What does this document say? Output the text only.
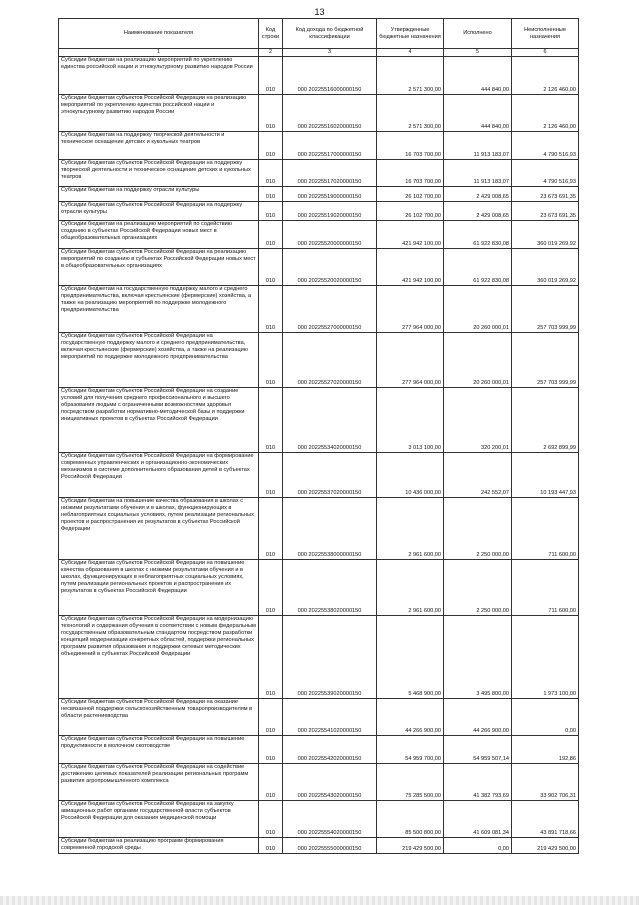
13
Наименование показателя	Код строки	Код дохода по бюджетной классификации	Утвержденные бюджетные назначения	Исполнено	Неисполненные назначения
1	2	3	4	5	6
Субсидии бюджетам на реализацию мероприятий по укреплению единства российской нации и этнокультурному развитию народов России	010	000 20225516000000150	2 571 300,00	444 840,00	2 126 460,00
Субсидии бюджетам субъектов Российской Федерации на реализацию мероприятий по укреплению единства российской нации и этнокультурному развитию народов России	010	000 20225516020000150	2 571 300,00	444 840,00	2 126 460,00
Субсидии бюджетам на поддержку творческой деятельности и техническое оснащение детских и кукольных театров	010	000 20225517000000150	16 703 700,00	11 913 183,07	4 790 516,93
Субсидии бюджетам субъектов Российской Федерации на поддержку творческой деятельности и техническое оснащение детских и кукольных театров	010	000 20225517020000150	16 703 700,00	11 913 183,07	4 790 516,93
Субсидии бюджетам на поддержку отрасли культуры	010	000 20225519000000150	26 102 700,00	2 429 008,65	23 673 691,35
Субсидии бюджетам субъектов Российской Федерации на поддержку отрасли культуры	010	000 20225519020000150	26 102 700,00	2 429 008,65	23 673 691,35
Субсидии бюджетам на реализацию мероприятий по содействию созданию в субъектах Российской Федерации новых мест в общеобразовательных организациях	010	000 20225520000000150	421 942 100,00	61 922 830,08	360 019 269,92
Субсидии бюджетам субъектов Российской Федерации на реализацию мероприятий по созданию в субъектах Российской Федерации новых мест в общеобразовательных организациях	010	000 20225520020000150	421 942 100,00	61 922 830,08	360 019 269,92
Субсидии бюджетам на государственную поддержку малого и среднего предпринимательства, включая крестьянские (фермерские) хозяйства, а также на реализацию мероприятий по поддержке молодежного предпринимательства	010	000 20225527000000150	277 964 000,00	20 260 000,01	257 703 999,99
Субсидии бюджетам субъектов Российской Федерации на государственную поддержку малого и среднего предпринимательства, включая крестьянские (фермерские) хозяйства, а также на реализацию мероприятий по поддержке молодежного предпринимательства	010	000 20225527020000150	277 964 000,00	20 260 000,01	257 703 999,99
Субсидии бюджетам субъектов Российской Федерации на создание условий для получения среднего профессионального и высшего образования людьми с ограниченными возможностями здоровья посредством разработки нормативно-методической базы и поддержки инициативных проектов в субъектах Российской Федерации	010	000 20225534020000150	3 013 100,00	320 200,01	2 692 899,99
Субсидии бюджетам субъектов Российской Федерации на формирование современных управленческих и организационно-экономических механизмов в системе дополнительного образования детей в субъектах Российской Федерации	010	000 20225537020000150	10 436 000,00	242 552,07	10 193 447,93
Субсидии бюджетам на повышение качества образования в школах с низкими результатами обучения и в школах, функционирующих в неблагоприятных социальных условиях, путем реализации региональных проектов и распространения их результатов в субъектах Российской Федерации	010	000 20225538000000150	2 961 600,00	2 250 000,00	711 600,00
Субсидии бюджетам субъектов Российской Федерации на повышение качества образования в школах с низкими результатами обучения и в школах, функционирующих в неблагоприятных социальных условиях, путем реализации региональных проектов и распространения их результатов в субъектах Российской Федерации	010	000 20225538020000150	2 961 600,00	2 250 000,00	711 600,00
Субсидии бюджетам субъектов Российской Федерации на модернизацию технологий и содержания обучения в соответствии с новым федеральным государственным образовательным стандартом посредством разработки концепций модернизации конкретных областей, поддержки региональных программ развития образования и поддержки сетевых методических объединений в субъектах Российской Федерации	010	000 20225539020000150	5 468 900,00	3 495 800,00	1 973 100,00
Субсидии бюджетам субъектов Российской Федерации на оказание несвязанной поддержки сельскохозяйственным товаропроизводителям в области растениеводства	010	000 20225541020000150	44 266 900,00	44 266 900,00	0,00
Субсидии бюджетам субъектов Российской Федерации на повышение продуктивности в молочном скотоводстве	010	000 20225542020000150	54 959 700,00	54 959 507,14	192,86
Субсидии бюджетам субъектов Российской Федерации на содействие достижению целевых показателей реализации региональных программ развития агропромышленного комплекса	010	000 20225543020000150	75 285 500,00	41 382 793,69	33 902 706,31
Субсидии бюджетам субъектов Российской Федерации на закупку авиационных работ органами государственной власти субъектов Российской Федерации для оказания медицинской помощи	010	000 20225554020000150	85 500 800,00	41 609 081,34	43 891 718,66
Субсидии бюджетам на реализацию программ формирования современной городской среды	010	000 20225555000000150	219 429 500,00	0,00	219 429 500,00
